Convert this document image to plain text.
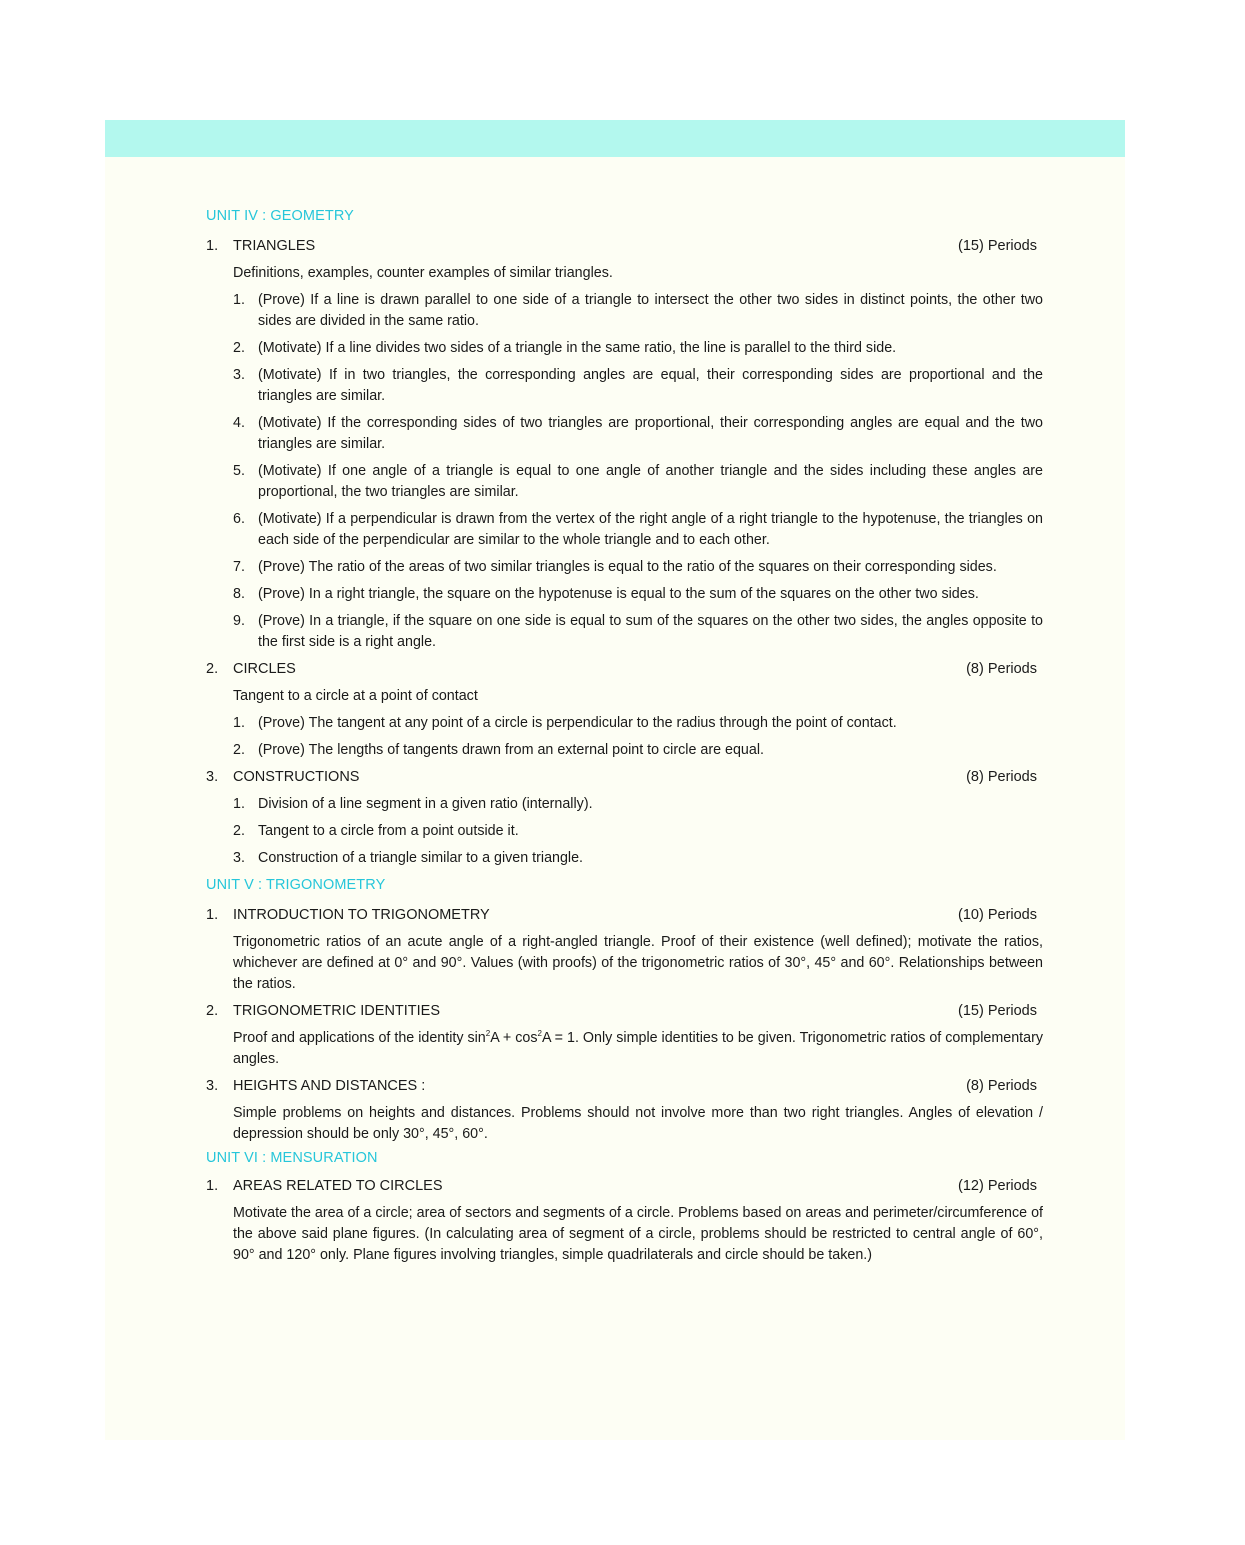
UNIT IV : GEOMETRY
1.	TRIANGLES	(15) Periods
Definitions, examples, counter examples of similar triangles.
1. (Prove) If a line is drawn parallel to one side of a triangle to intersect the other two sides in distinct points, the other two sides are divided in the same ratio.
2. (Motivate) If a line divides two sides of a triangle in the same ratio, the line is parallel to the third side.
3. (Motivate) If in two triangles, the corresponding angles are equal, their corresponding sides are proportional and the triangles are similar.
4. (Motivate) If the corresponding sides of two triangles are proportional, their corresponding angles are equal and the two triangles are similar.
5. (Motivate) If one angle of a triangle is equal to one angle of another triangle and the sides including these angles are proportional, the two triangles are similar.
6. (Motivate) If a perpendicular is drawn from the vertex of the right angle of a right triangle to the hypotenuse, the triangles on each side of the perpendicular are similar to the whole triangle and to each other.
7. (Prove) The ratio of the areas of two similar triangles is equal to the ratio of the squares on their corresponding sides.
8. (Prove) In a right triangle, the square on the hypotenuse is equal to the sum of the squares on the other two sides.
9. (Prove) In a triangle, if the square on one side is equal to sum of the squares on the other two sides, the angles opposite to the first side is a right angle.
2.	CIRCLES	(8) Periods
Tangent to a circle at a point of contact
1. (Prove) The tangent at any point of a circle is perpendicular to the radius through the point of contact.
2. (Prove) The lengths of tangents drawn from an external point to circle are equal.
3.	CONSTRUCTIONS	(8) Periods
1. Division of a line segment in a given ratio (internally).
2. Tangent to a circle from a point outside it.
3. Construction of a triangle similar to a given triangle.
UNIT V : TRIGONOMETRY
1.	INTRODUCTION TO TRIGONOMETRY	(10) Periods
Trigonometric ratios of an acute angle of a right-angled triangle. Proof of their existence (well defined); motivate the ratios, whichever are defined at 0° and 90°. Values (with proofs) of the trigonometric ratios of 30°, 45° and 60°. Relationships between the ratios.
2.	TRIGONOMETRIC IDENTITIES	(15) Periods
Proof and applications of the identity $\sin^2A + \cos^2A = 1$. Only simple identities to be given. Trigonometric ratios of complementary angles.
3.	HEIGHTS AND DISTANCES :	(8) Periods
Simple problems on heights and distances. Problems should not involve more than two right triangles. Angles of elevation / depression should be only 30°, 45°, 60°.
UNIT VI : MENSURATION
1.	AREAS RELATED TO CIRCLES	(12) Periods
Motivate the area of a circle; area of sectors and segments of a circle. Problems based on areas and perimeter/circumference of the above said plane figures. (In calculating area of segment of a circle, problems should be restricted to central angle of 60°, 90° and 120° only. Plane figures involving triangles, simple quadrilaterals and circle should be taken.)
